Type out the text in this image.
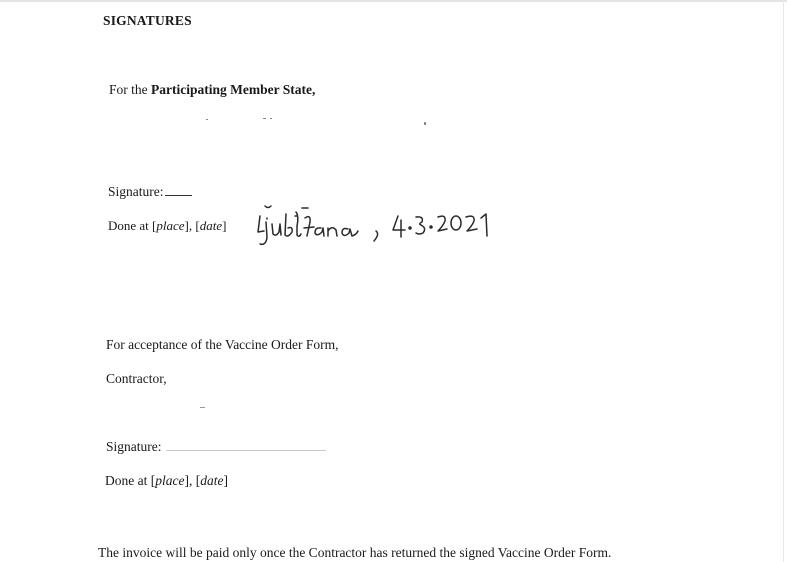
SIGNATURES
For the Participating Member State,
Signature:
Done at [place], [date]
For acceptance of the Vaccine Order Form,
Contractor,
Signature:
Done at [place], [date]
The invoice will be paid only once the Contractor has returned the signed Vaccine Order Form.
